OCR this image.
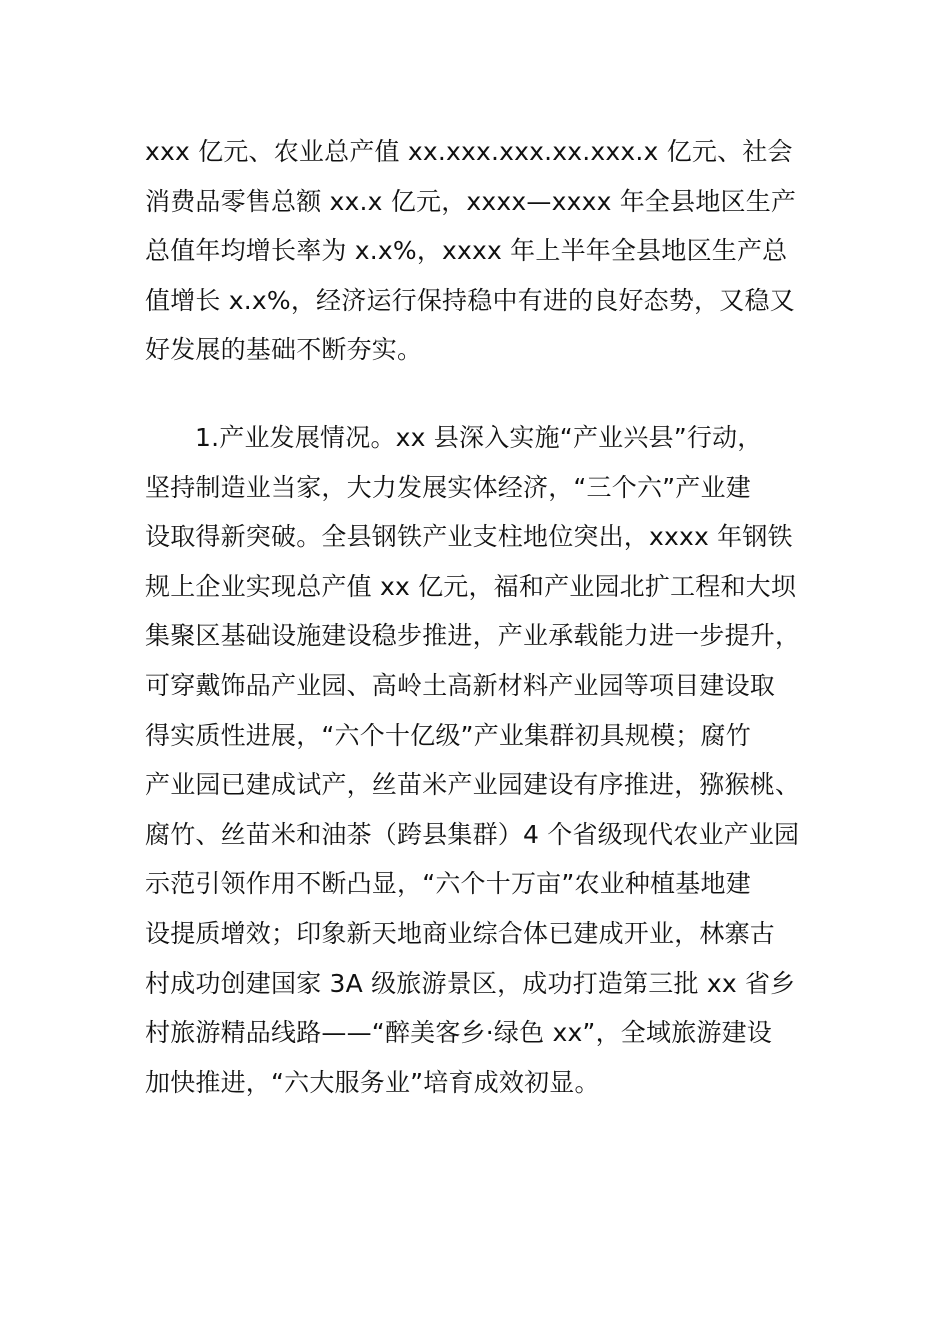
xxx 亿元、农业总产值 xx.xxx.xxx.xx.xxx.x 亿元、社会
消费品零售总额 xx.x 亿元，xxxx—xxxx 年全县地区生产
总值年均增长率为 x.x%，xxxx 年上半年全县地区生产总
值增长 x.x%，经济运行保持稳中有进的良好态势，又稳又
好发展的基础不断夯实。
1.产业发展情况。xx 县深入实施“产业兴县”行动，
坚持制造业当家，大力发展实体经济，“三个六”产业建
设取得新突破。全县钢铁产业支柱地位突出，xxxx 年钢铁
规上企业实现总产值 xx 亿元，福和产业园北扩工程和大坝
集聚区基础设施建设稳步推进，产业承载能力进一步提升，
可穿戴饰品产业园、高岭土高新材料产业园等项目建设取
得实质性进展，“六个十亿级”产业集群初具规模；腐竹
产业园已建成试产，丝苗米产业园建设有序推进，猕猴桃、
腐竹、丝苗米和油茶（跨县集群）4 个省级现代农业产业园
示范引领作用不断凸显，“六个十万亩”农业种植基地建
设提质增效；印象新天地商业综合体已建成开业，林寨古
村成功创建国家 3A 级旅游景区，成功打造第三批 xx 省乡
村旅游精品线路——“醉美客乡·绿色 xx”，全域旅游建设
加快推进，“六大服务业”培育成效初显。
